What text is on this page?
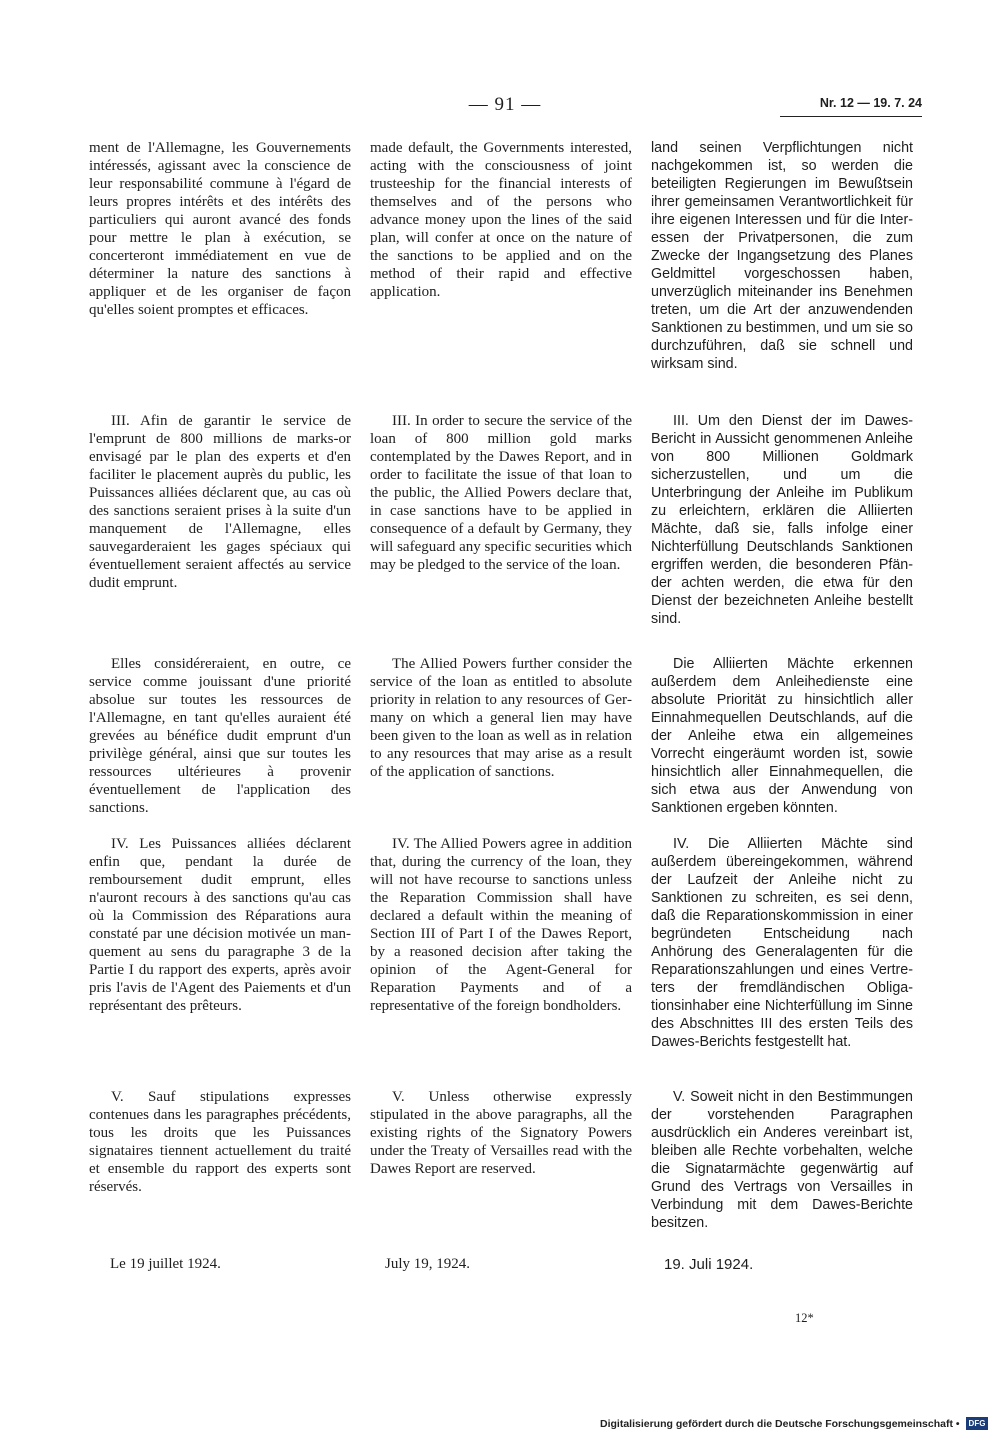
— 91 —	Nr. 12 — 19. 7. 24

ment de l'Allemagne, les Gouvernements intéressés, agissant avec la conscience de leur responsabilité commune à l'égard de leurs propres intérêts et des intérêts des particuliers qui auront avancé des fonds pour mettre le plan à exécution, se concerteront immédiatement en vue de déterminer la nature des sanctions à appliquer et de les organiser de façon qu'elles soient promptes et efficaces.

III. Afin de garantir le service de l'emprunt de 800 millions de marks-or envisagé par le plan des experts et d'en faciliter le placement auprès du public, les Puissances alliées déclarent que, au cas où des sanctions seraient prises à la suite d'un manquement de l'Allemagne, elles sauvegarderaient les gages spéciaux qui éventuellement seraient affectés au service dudit emprunt.

Elles considéreraient, en outre, ce service comme jouissant d'une priorité absolue sur toutes les ressources de l'Allemagne, en tant qu'elles auraient été grevées au bénéfice dudit emprunt d'un privilège général, ainsi que sur toutes les ressources ultérieures à provenir éventuellement de l'application des sanctions.

IV. Les Puissances alliées déclarent enfin que, pendant la durée de remboursement dudit emprunt, elles n'auront recours à des sanctions qu'au cas où la Commission des Réparations aura constaté par une décision motivée un manquement au sens du paragraphe 3 de la Partie I du rapport des experts, après avoir pris l'avis de l'Agent des Paiements et d'un représentant des prêteurs.

V. Sauf stipulations expresses contenues dans les paragraphes précédents, tous les droits que les Puissances signataires tiennent actuellement du traité et ensemble du rapport des experts sont réservés.

made default, the Governments interested, acting with the consciousness of joint trusteeship for the financial interests of themselves and of the persons who advance money upon the lines of the said plan, will confer at once on the nature of the sanctions to be applied and on the method of their rapid and effective application.

III. In order to secure the service of the loan of 800 million gold marks contemplated by the Dawes Report, and in order to facilitate the issue of that loan to the public, the Allied Powers declare that, in case sanctions have to be applied in consequence of a default by Germany, they will safeguard any specific securities which may be pledged to the service of the loan.

The Allied Powers further consider the service of the loan as entitled to absolute priority in relation to any resources of Germany on which a general lien may have been given to the loan as well as in relation to any resources that may arise as a result of the application of sanctions.

IV. The Allied Powers agree in addition that, during the currency of the loan, they will not have recourse to sanctions unless the Reparation Commission shall have declared a default within the meaning of Section III of Part I of the Dawes Report, by a reasoned decision after taking the opinion of the Agent-General for Reparation Payments and of a representative of the foreign bondholders.

V. Unless otherwise expressly stipulated in the above paragraphs, all the existing rights of the Signatory Powers under the Treaty of Versailles read with the Dawes Report are reserved.

land seinen Verpflichtungen nicht nachgekommen ist, so werden die beteiligten Regierungen im Bewußtsein ihrer gemeinsamen Verantwortlichkeit für ihre eigenen Interessen und für die Interessen der Privatpersonen, die zum Zwecke der Ingangsetzung des Planes Geldmittel vorgeschossen haben, unverzüglich miteinander ins Benehmen treten, um die Art der anzuwendenden Sanktionen zu bestimmen, und um sie so durchzuführen, daß sie schnell und wirksam sind.

III. Um den Dienst der im Dawes-Bericht in Aussicht genommenen Anleihe von 800 Millionen Goldmark sicherzustellen, und um die Unterbringung der Anleihe im Publikum zu erleichtern, erklären die Alliierten Mächte, daß sie, falls infolge einer Nichterfüllung Deutschlands Sanktionen ergriffen werden, die besonderen Pfänder achten werden, die etwa für den Dienst der bezeichneten Anleihe bestellt sind.

Die Alliierten Mächte erkennen außerdem dem Anleihedienste eine absolute Priorität zu hinsichtlich aller Einnahmequellen Deutschlands, auf die der Anleihe etwa ein allgemeines Vorrecht eingeräumt worden ist, sowie hinsichtlich aller Einnahmequellen, die sich etwa aus der Anwendung von Sanktionen ergeben könnten.

IV. Die Alliierten Mächte sind außerdem übereingekommen, während der Laufzeit der Anleihe nicht zu Sanktionen zu schreiten, es sei denn, daß die Reparationskommission in einer begründeten Entscheidung nach Anhörung des Generalagenten für die Reparationszahlungen und eines Vertreters der fremdländischen Obligationsinhaber eine Nichterfüllung im Sinne des Abschnittes III des ersten Teils des Dawes-Berichts festgestellt hat.

V. Soweit nicht in den Bestimmungen der vorstehenden Paragraphen ausdrücklich ein Anderes vereinbart ist, bleiben alle Rechte vorbehalten, welche die Signatarmächte gegenwärtig auf Grund des Vertrags von Versailles in Verbindung mit dem Dawes-Berichte besitzen.

Le 19 juillet 1924.	July 19, 1924.	19. Juli 1924.
12*
Digitalisierung gefördert durch die Deutsche Forschungsgemeinschaft •	DFG
